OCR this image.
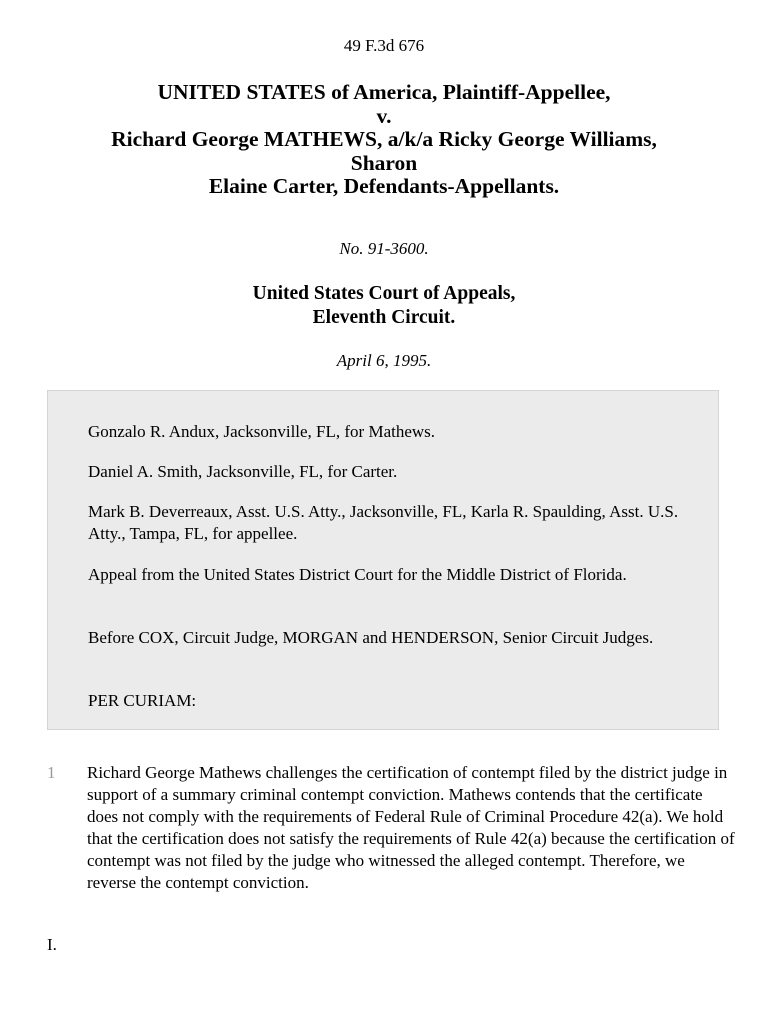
49 F.3d 676
UNITED STATES of America, Plaintiff-Appellee,
v.
Richard George MATHEWS, a/k/a Ricky George Williams,
Sharon
Elaine Carter, Defendants-Appellants.
No. 91-3600.
United States Court of Appeals,
Eleventh Circuit.
April 6, 1995.

Gonzalo R. Andux, Jacksonville, FL, for Mathews.

Daniel A. Smith, Jacksonville, FL, for Carter.

Mark B. Deverreaux, Asst. U.S. Atty., Jacksonville, FL, Karla R. Spaulding, Asst. U.S. Atty., Tampa, FL, for appellee.

Appeal from the United States District Court for the Middle District of Florida.

Before COX, Circuit Judge, MORGAN and HENDERSON, Senior Circuit Judges.

PER CURIAM:

1 Richard George Mathews challenges the certification of contempt filed by the district judge in support of a summary criminal contempt conviction. Mathews contends that the certificate does not comply with the requirements of Federal Rule of Criminal Procedure 42(a). We hold that the certification does not satisfy the requirements of Rule 42(a) because the certification of contempt was not filed by the judge who witnessed the alleged contempt. Therefore, we reverse the contempt conviction.

I.
